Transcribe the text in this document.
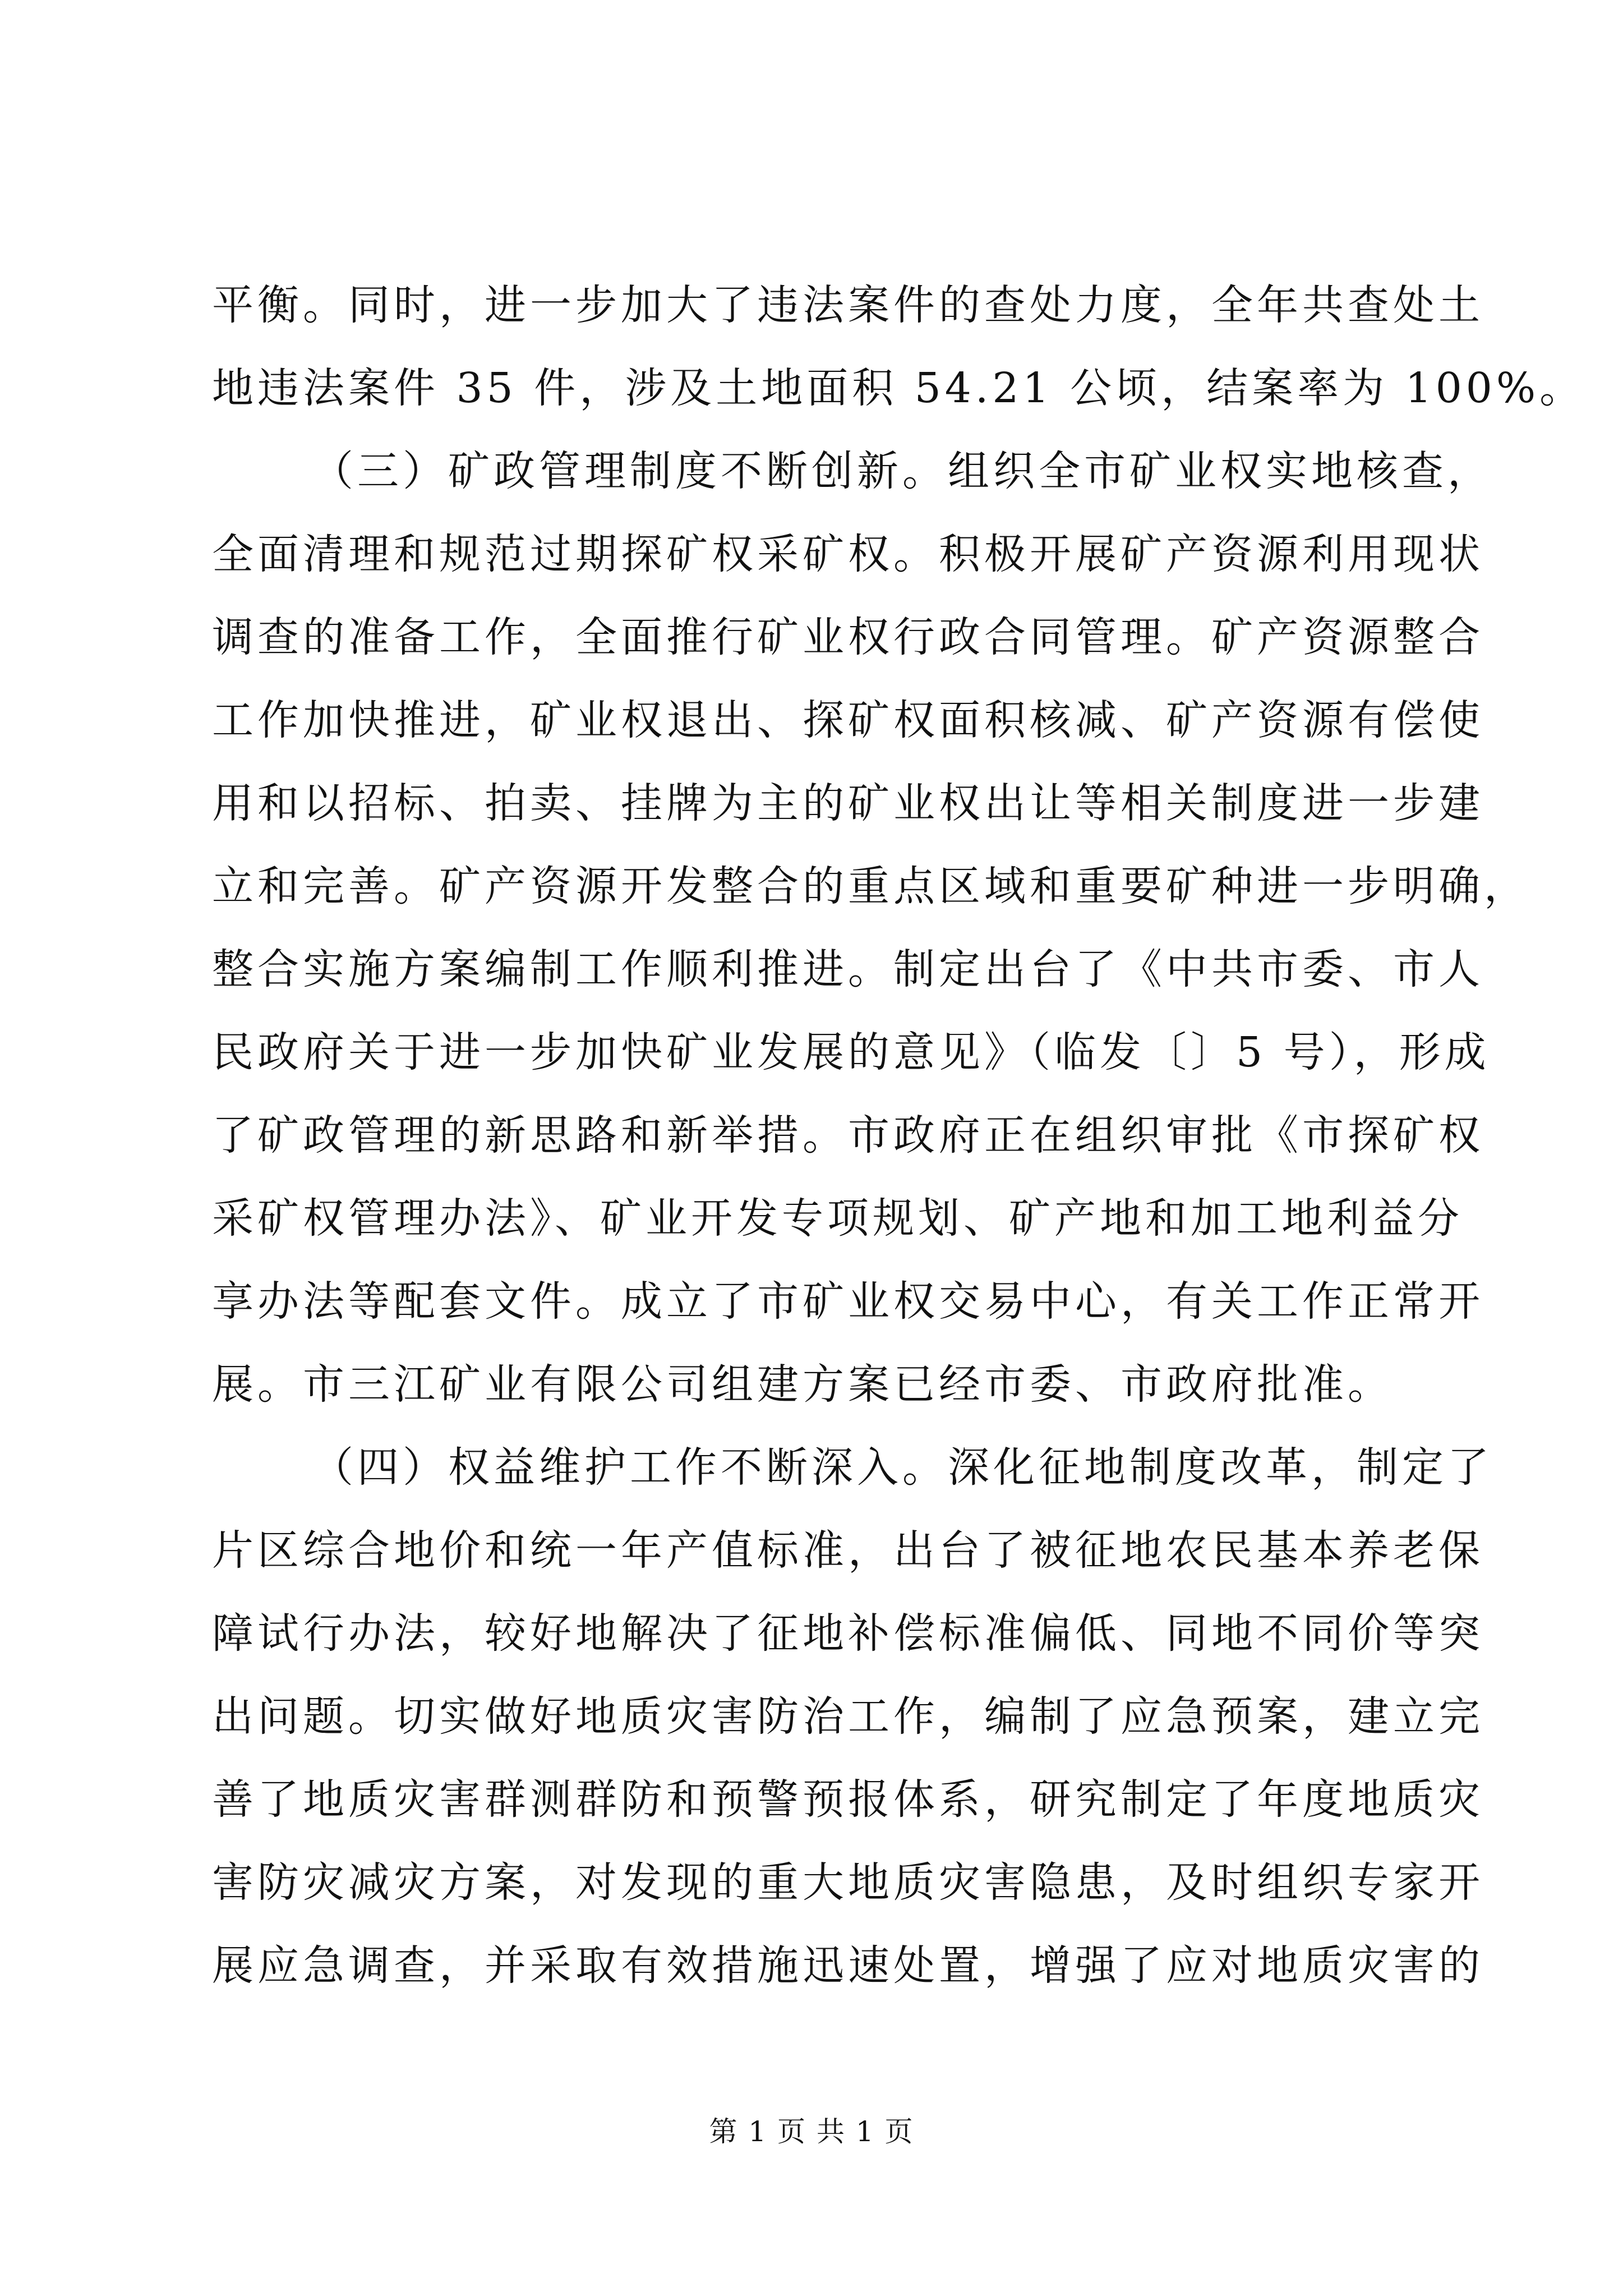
平衡。同时，进一步加大了违法案件的查处力度，全年共查处土
地违法案件 35 件，涉及土地面积 54.21 公顷，结案率为 100%。
（三）矿政管理制度不断创新。组织全市矿业权实地核查，
全面清理和规范过期探矿权采矿权。积极开展矿产资源利用现状
调查的准备工作，全面推行矿业权行政合同管理。矿产资源整合
工作加快推进，矿业权退出、探矿权面积核减、矿产资源有偿使
用和以招标、拍卖、挂牌为主的矿业权出让等相关制度进一步建
立和完善。矿产资源开发整合的重点区域和重要矿种进一步明确，
整合实施方案编制工作顺利推进。制定出台了《中共市委、市人
民政府关于进一步加快矿业发展的意见》（临发〔〕5 号），形成
了矿政管理的新思路和新举措。市政府正在组织审批《市探矿权
采矿权管理办法》、矿业开发专项规划、矿产地和加工地利益分
享办法等配套文件。成立了市矿业权交易中心，有关工作正常开
展。市三江矿业有限公司组建方案已经市委、市政府批准。
（四）权益维护工作不断深入。深化征地制度改革，制定了
片区综合地价和统一年产值标准，出台了被征地农民基本养老保
障试行办法，较好地解决了征地补偿标准偏低、同地不同价等突
出问题。切实做好地质灾害防治工作，编制了应急预案，建立完
善了地质灾害群测群防和预警预报体系，研究制定了年度地质灾
害防灾减灾方案，对发现的重大地质灾害隐患，及时组织专家开
展应急调查，并采取有效措施迅速处置，增强了应对地质灾害的
第 1 页 共 1 页
